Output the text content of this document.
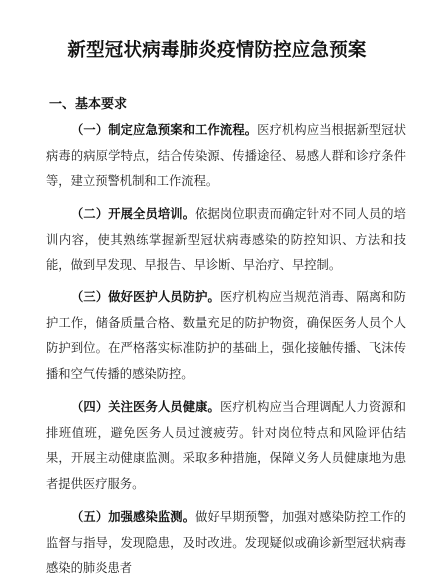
新型冠状病毒肺炎疫情防控应急预案
一、基本要求
（一）制定应急预案和工作流程。医疗机构应当根据新型冠状病毒的病原学特点，结合传染源、传播途径、易感人群和诊疗条件等，建立预警机制和工作流程。
（二）开展全员培训。依据岗位职责而确定针对不同人员的培训内容，使其熟练掌握新型冠状病毒感染的防控知识、方法和技能，做到早发现、早报告、早诊断、早治疗、早控制。
（三）做好医护人员防护。医疗机构应当规范消毒、隔离和防护工作，储备质量合格、数量充足的防护物资，确保医务人员个人防护到位。在严格落实标准防护的基础上，强化接触传播、飞沫传播和空气传播的感染防控。
（四）关注医务人员健康。医疗机构应当合理调配人力资源和排班值班，避免医务人员过渡疲劳。针对岗位特点和风险评估结果，开展主动健康监测。采取多种措施，保障义务人员健康地为患者提供医疗服务。
（五）加强感染监测。做好早期预警，加强对感染防控工作的监督与指导，发现隐患，及时改进。发现疑似或确诊新型冠状病毒感染的肺炎患者
